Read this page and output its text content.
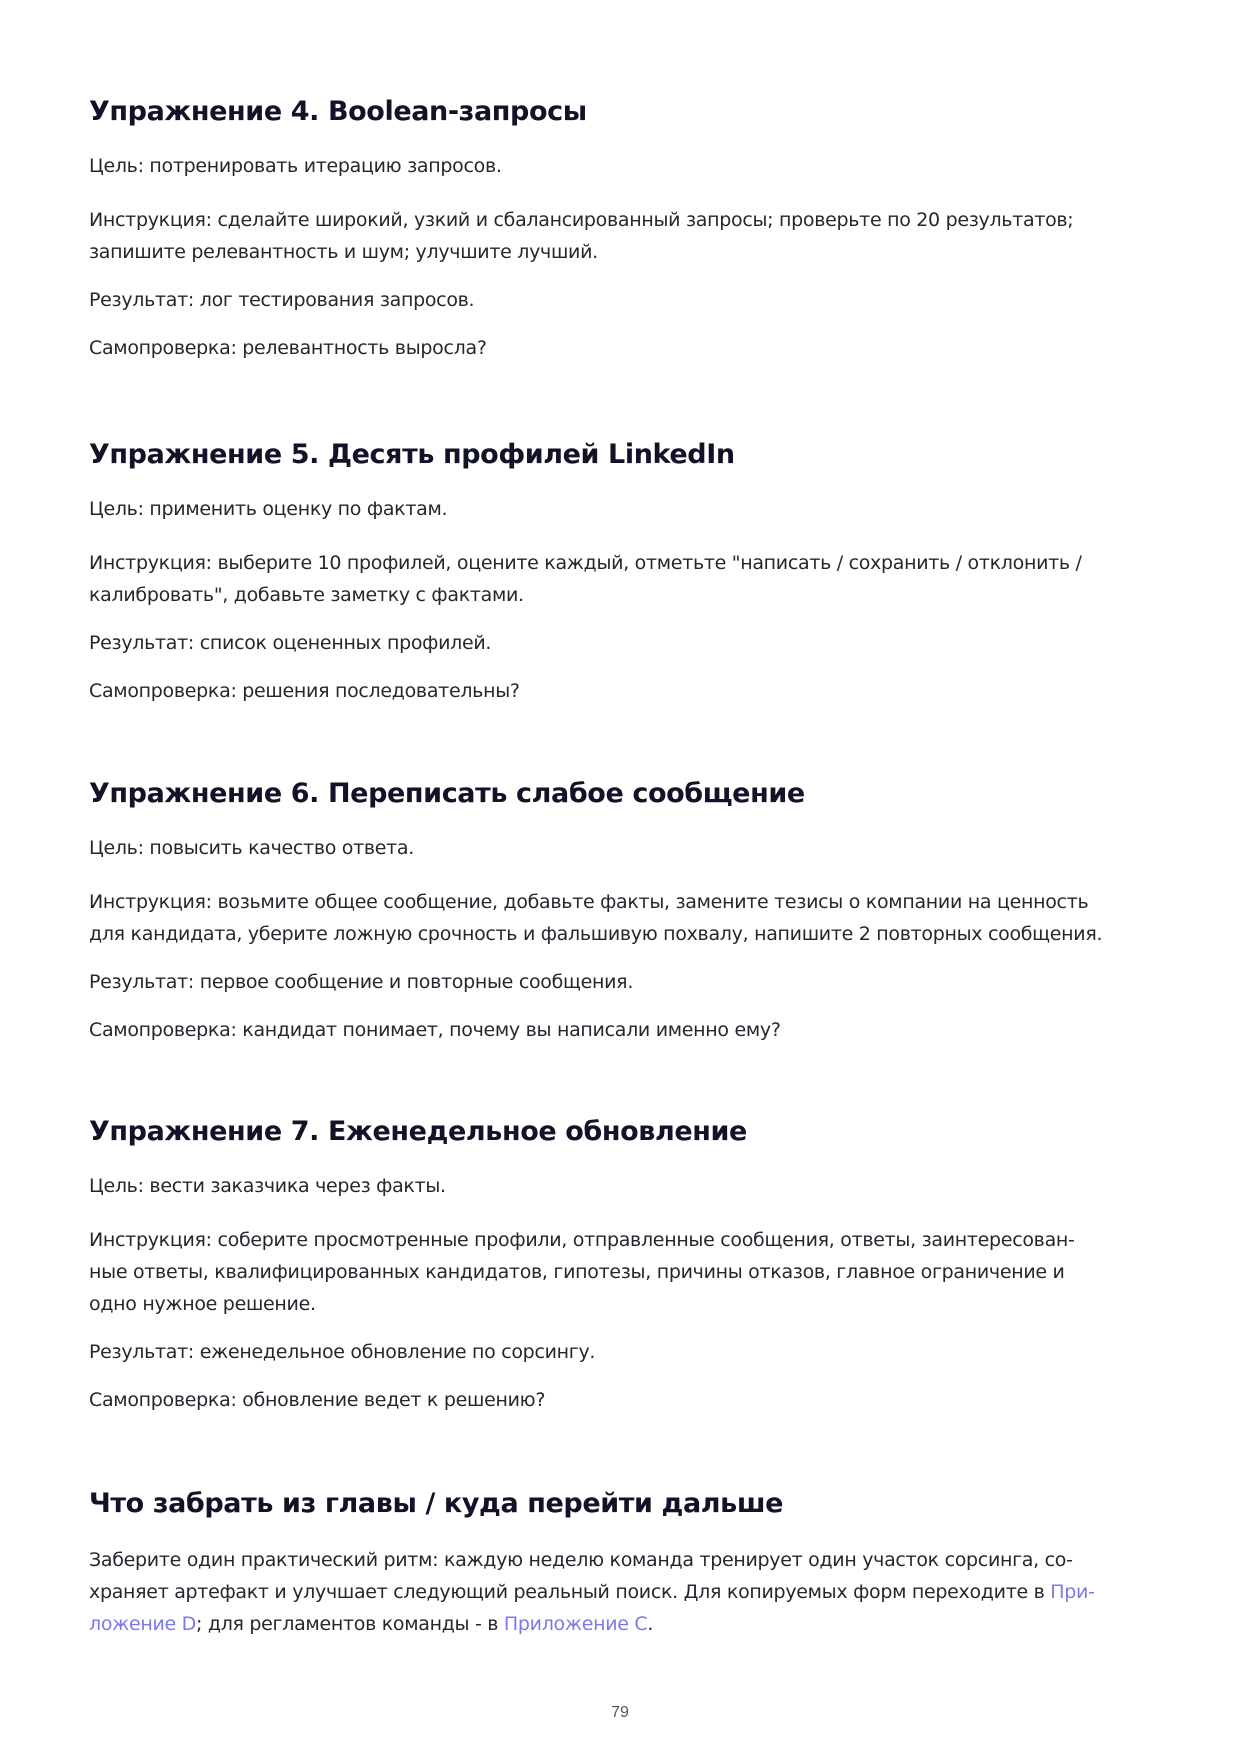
Упражнение 4. Boolean-запросы

Цель: потренировать итерацию запросов.

Инструкция: сделайте широкий, узкий и сбалансированный запросы; проверьте по 20 результатов;
запишите релевантность и шум; улучшите лучший.

Результат: лог тестирования запросов.

Самопроверка: релевантность выросла?

Упражнение 5. Десять профилей LinkedIn

Цель: применить оценку по фактам.

Инструкция: выберите 10 профилей, оцените каждый, отметьте "написать / сохранить / отклонить /
калибровать", добавьте заметку с фактами.

Результат: список оцененных профилей.

Самопроверка: решения последовательны?

Упражнение 6. Переписать слабое сообщение

Цель: повысить качество ответа.

Инструкция: возьмите общее сообщение, добавьте факты, замените тезисы о компании на ценность
для кандидата, уберите ложную срочность и фальшивую похвалу, напишите 2 повторных сообщения.

Результат: первое сообщение и повторные сообщения.

Самопроверка: кандидат понимает, почему вы написали именно ему?

Упражнение 7. Еженедельное обновление

Цель: вести заказчика через факты.

Инструкция: соберите просмотренные профили, отправленные сообщения, ответы, заинтересован-
ные ответы, квалифицированных кандидатов, гипотезы, причины отказов, главное ограничение и
одно нужное решение.

Результат: еженедельное обновление по сорсингу.

Самопроверка: обновление ведет к решению?

Что забрать из главы / куда перейти дальше

Заберите один практический ритм: каждую неделю команда тренирует один участок сорсинга, со-
храняет артефакт и улучшает следующий реальный поиск. Для копируемых форм переходите в При-
ложение D; для регламентов команды - в Приложение C.

79
